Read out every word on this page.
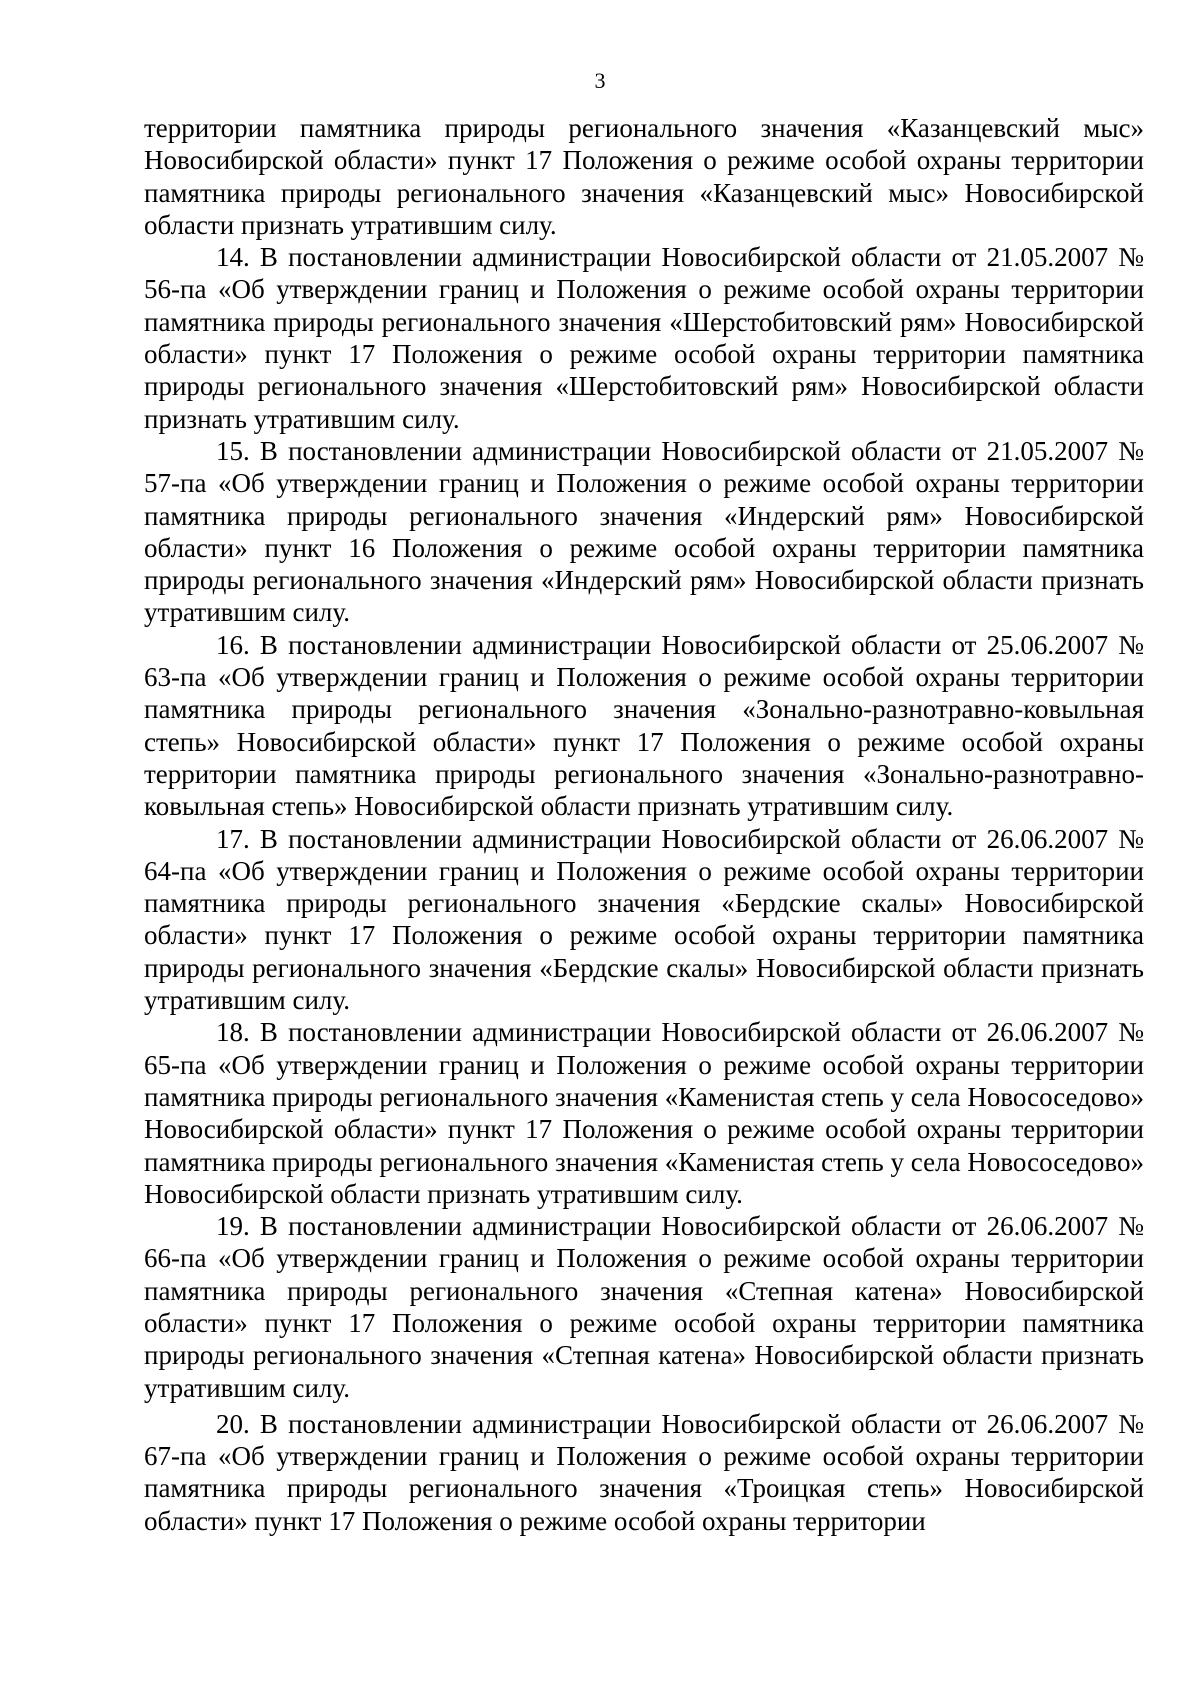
3

территории памятника природы регионального значения «Казанцевский мыс» Новосибирской области» пункт 17 Положения о режиме особой охраны территории памятника природы регионального значения «Казанцевский мыс» Новосибирской области признать утратившим силу.

14. В постановлении администрации Новосибирской области от 21.05.2007 № 56-па «Об утверждении границ и Положения о режиме особой охраны территории памятника природы регионального значения «Шерстобитовский рям» Новосибирской области» пункт 17 Положения о режиме особой охраны территории памятника природы регионального значения «Шерстобитовский рям» Новосибирской области признать утратившим силу.

15. В постановлении администрации Новосибирской области от 21.05.2007 № 57-па «Об утверждении границ и Положения о режиме особой охраны территории памятника природы регионального значения «Индерский рям» Новосибирской области» пункт 16 Положения о режиме особой охраны территории памятника природы регионального значения «Индерский рям» Новосибирской области признать утратившим силу.

16. В постановлении администрации Новосибирской области от 25.06.2007 № 63-па «Об утверждении границ и Положения о режиме особой охраны территории памятника природы регионального значения «Зонально-разнотравно-ковыльная степь» Новосибирской области» пункт 17 Положения о режиме особой охраны территории памятника природы регионального значения «Зонально-разнотравно-ковыльная степь» Новосибирской области признать утратившим силу.

17. В постановлении администрации Новосибирской области от 26.06.2007 № 64-па «Об утверждении границ и Положения о режиме особой охраны территории памятника природы регионального значения «Бердские скалы» Новосибирской области» пункт 17 Положения о режиме особой охраны территории памятника природы регионального значения «Бердские скалы» Новосибирской области признать утратившим силу.

18. В постановлении администрации Новосибирской области от 26.06.2007 № 65-па «Об утверждении границ и Положения о режиме особой охраны территории памятника природы регионального значения «Каменистая степь у села Новососедово» Новосибирской области» пункт 17 Положения о режиме особой охраны территории памятника природы регионального значения «Каменистая степь у села Новососедово» Новосибирской области признать утратившим силу.

19. В постановлении администрации Новосибирской области от 26.06.2007 № 66-па «Об утверждении границ и Положения о режиме особой охраны территории памятника природы регионального значения «Степная катена» Новосибирской области» пункт 17 Положения о режиме особой охраны территории памятника природы регионального значения «Степная катена» Новосибирской области признать утратившим силу.

20. В постановлении администрации Новосибирской области от 26.06.2007 № 67-па «Об утверждении границ и Положения о режиме особой охраны территории памятника природы регионального значения «Троицкая степь» Новосибирской области» пункт 17 Положения о режиме особой охраны территории
